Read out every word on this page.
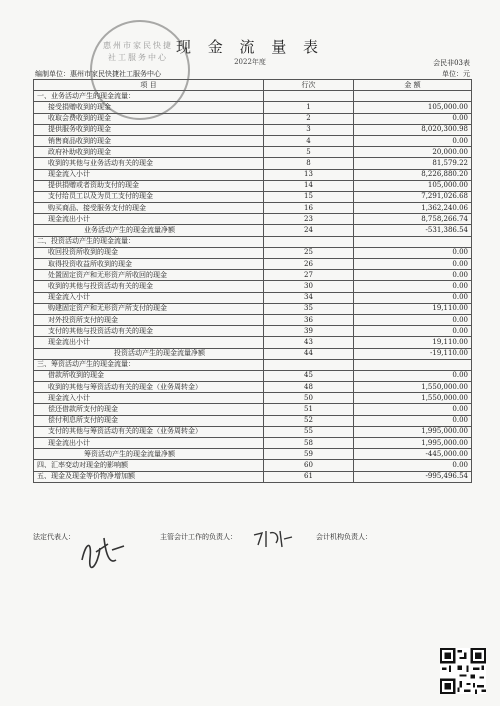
现 金 流 量 表
2022年度	会民非03表
单位：元
编制单位：惠州市家民快捷社工服务中心
惠州市家民快捷社工服务中心
项 目	行次	金 额
一、业务活动产生的现金流量：		
接受捐赠收到的现金	1	105,000.00
收取会费收到的现金	2	0.00
提供服务收到的现金	3	8,020,300.98
销售商品收到的现金	4	0.00
政府补助收到的现金	5	20,000.00
收到的其他与业务活动有关的现金	8	81,579.22
现金流入小计	13	8,226,880.20
提供捐赠或者资助支付的现金	14	105,000.00
支付给员工以及为员工支付的现金	15	7,291,026.68
购买商品、接受服务支付的现金	16	1,362,240.06
现金流出小计	23	8,758,266.74
业务活动产生的现金流量净额	24	-531,386.54
二、投资活动产生的现金流量：		
收回投资所收到的现金	25	0.00
取得投资收益所收到的现金	26	0.00
处置固定资产和无形资产所收回的现金	27	0.00
收到的其他与投资活动有关的现金	30	0.00
现金流入小计	34	0.00
购建固定资产和无形资产所支付的现金	35	19,110.00
对外投资所支付的现金	36	0.00
支付的其他与投资活动有关的现金	39	0.00
现金流出小计	43	19,110.00
投资活动产生的现金流量净额	44	-19,110.00
三、筹资活动产生的现金流量：		
借款所收到的现金	45	0.00
收到的其他与筹资活动有关的现金（业务周转金）	48	1,550,000.00
现金流入小计	50	1,550,000.00
偿还借款所支付的现金	51	0.00
偿付利息所支付的现金	52	0.00
支付的其他与筹资活动有关的现金（业务周转金）	55	1,995,000.00
现金流出小计	58	1,995,000.00
筹资活动产生的现金流量净额	59	-445,000.00
四、汇率变动对现金的影响额	60	0.00
五、现金及现金等价物净增加额	61	-995,496.54
法定代表人：	主管会计工作的负责人：	会计机构负责人：
